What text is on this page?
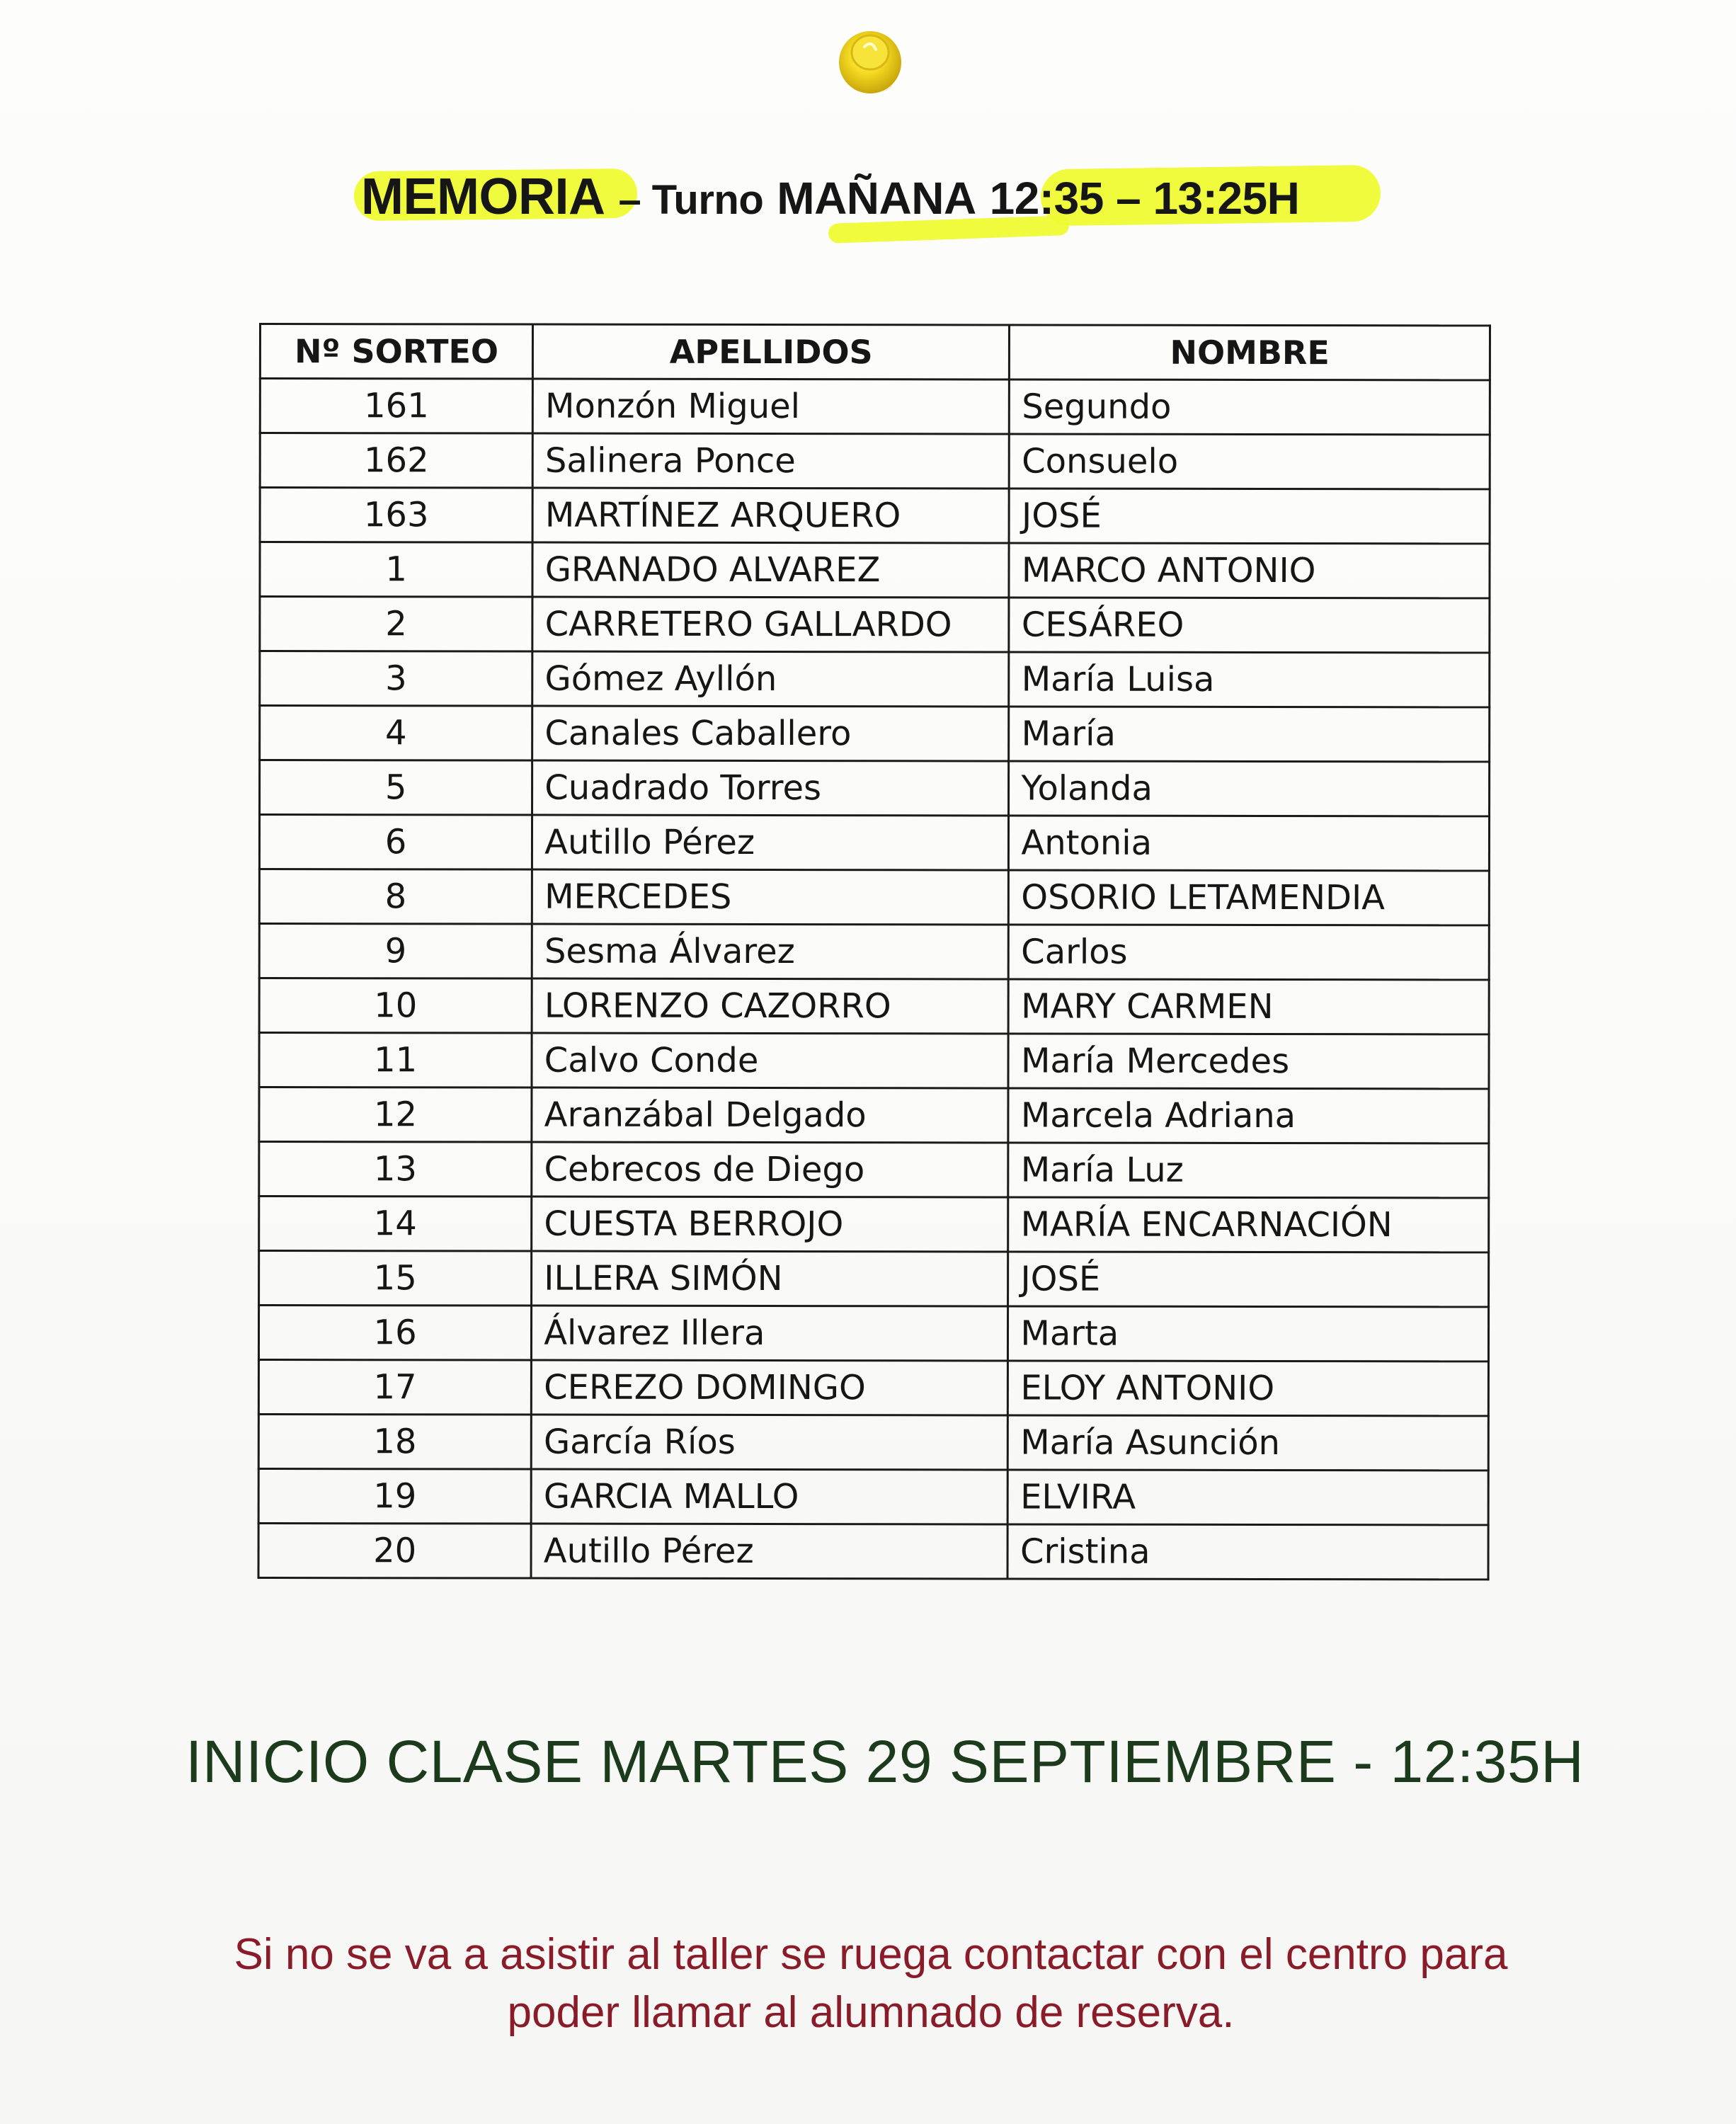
MEMORIA – Turno MAÑANA 12:35 – 13:25H
Nº SORTEO	APELLIDOS	NOMBRE
161	Monzón Miguel	Segundo
162	Salinera Ponce	Consuelo
163	MARTÍNEZ ARQUERO	JOSÉ
1	GRANADO ALVAREZ	MARCO ANTONIO
2	CARRETERO GALLARDO	CESÁREO
3	Gómez Ayllón	María Luisa
4	Canales Caballero	María
5	Cuadrado Torres	Yolanda
6	Autillo Pérez	Antonia
8	MERCEDES	OSORIO LETAMENDIA
9	Sesma Álvarez	Carlos
10	LORENZO CAZORRO	MARY CARMEN
11	Calvo Conde	María Mercedes
12	Aranzábal Delgado	Marcela Adriana
13	Cebrecos de Diego	María Luz
14	CUESTA BERROJO	MARÍA ENCARNACIÓN
15	ILLERA SIMÓN	JOSÉ
16	Álvarez Illera	Marta
17	CEREZO DOMINGO	ELOY ANTONIO
18	García Ríos	María Asunción
19	GARCIA MALLO	ELVIRA
20	Autillo Pérez	Cristina
INICIO CLASE MARTES 29 SEPTIEMBRE - 12:35H
Si no se va a asistir al taller se ruega contactar con el centro para
poder llamar al alumnado de reserva.
